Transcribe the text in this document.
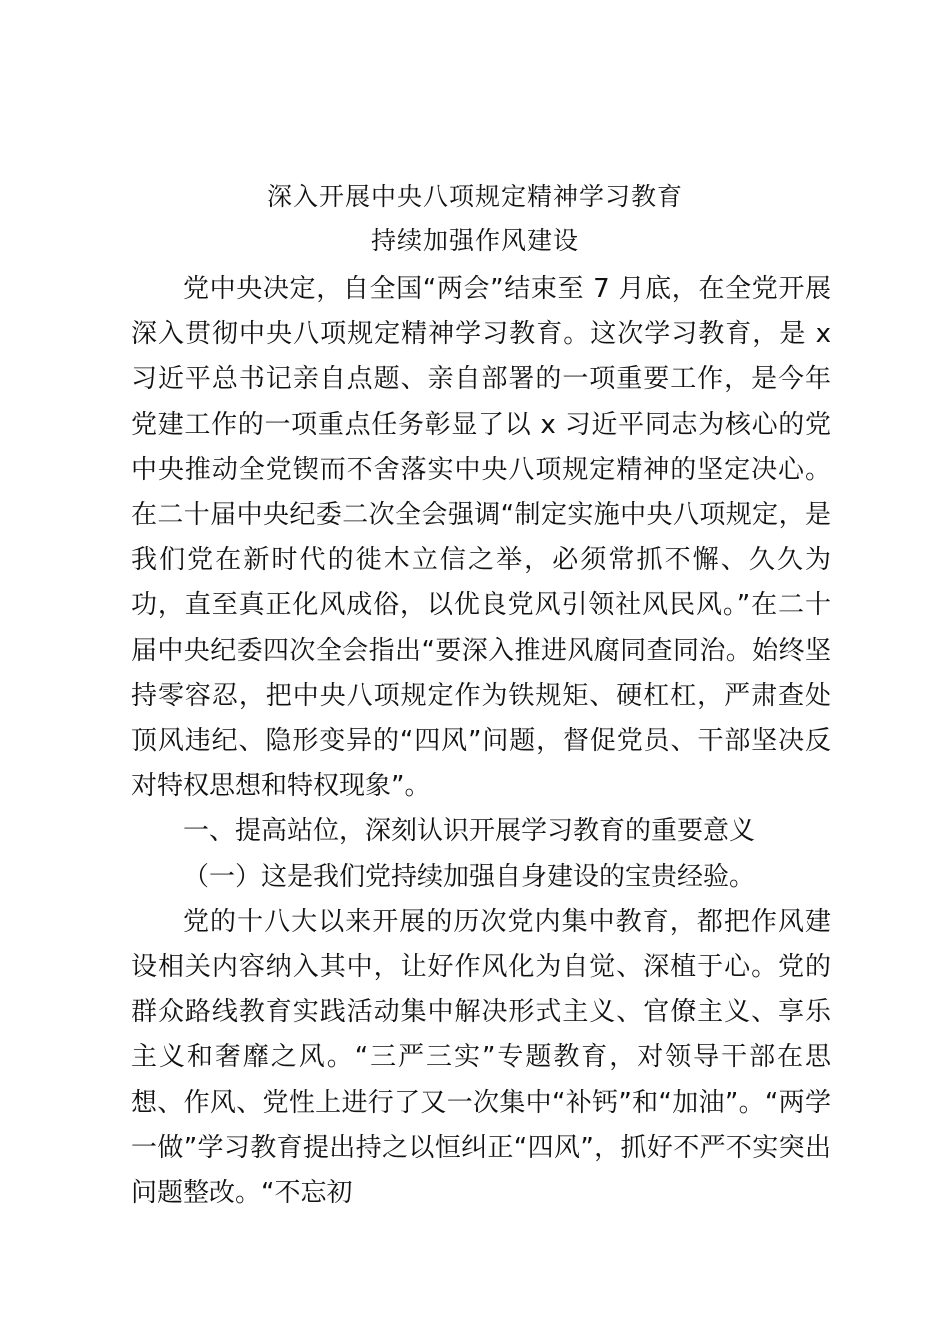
深入开展中央八项规定精神学习教育
持续加强作风建设

党中央决定，自全国“两会”结束至 7 月底，在全党开展深入贯彻中央八项规定精神学习教育。这次学习教育，是 x 习近平总书记亲自点题、亲自部署的一项重要工作，是今年党建工作的一项重点任务彰显了以 x 习近平同志为核心的党中央推动全党锲而不舍落实中央八项规定精神的坚定决心。在二十届中央纪委二次全会强调“制定实施中央八项规定，是我们党在新时代的徙木立信之举，必须常抓不懈、久久为功，直至真正化风成俗，以优良党风引领社风民风。”在二十届中央纪委四次全会指出“要深入推进风腐同查同治。始终坚持零容忍，把中央八项规定作为铁规矩、硬杠杠，严肃查处顶风违纪、隐形变异的“四风”问题，督促党员、干部坚决反对特权思想和特权现象”。

一、提高站位，深刻认识开展学习教育的重要意义

（一）这是我们党持续加强自身建设的宝贵经验。

党的十八大以来开展的历次党内集中教育，都把作风建设相关内容纳入其中，让好作风化为自觉、深植于心。党的群众路线教育实践活动集中解决形式主义、官僚主义、享乐主义和奢靡之风。“三严三实”专题教育，对领导干部在思想、作风、党性上进行了又一次集中“补钙”和“加油”。“两学一做”学习教育提出持之以恒纠正“四风”，抓好不严不实突出问题整改。“不忘初
